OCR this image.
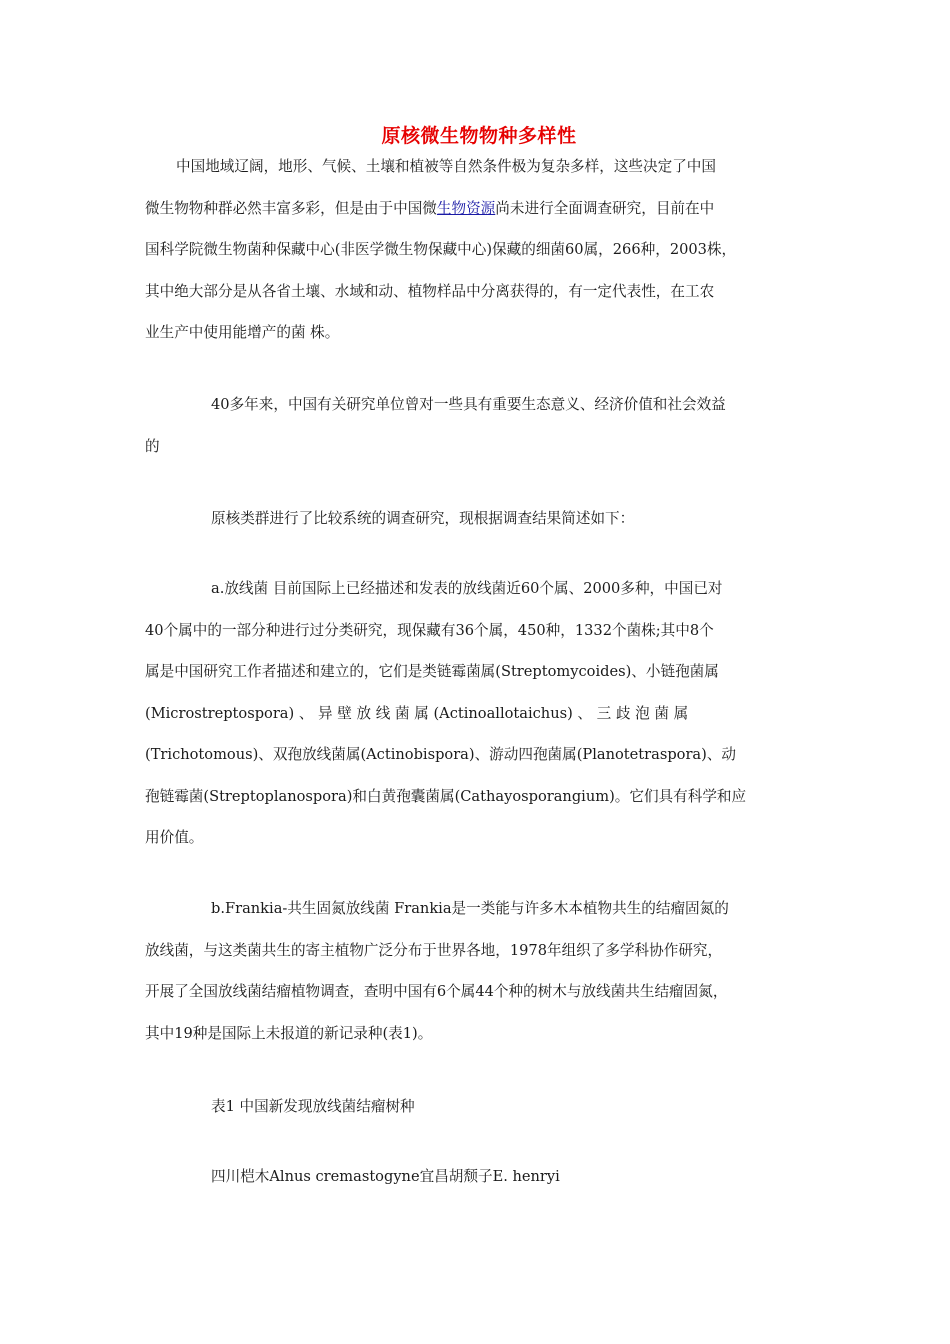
原核微生物物种多样性
中国地域辽阔，地形、气候、土壤和植被等自然条件极为复杂多样，这些决定了中国
微生物物种群必然丰富多彩，但是由于中国微生物资源尚未进行全面调查研究，目前在中
国科学院微生物菌种保藏中心(非医学微生物保藏中心)保藏的细菌60属，266种，2003株，
其中绝大部分是从各省土壤、水域和动、植物样品中分离获得的，有一定代表性，在工农
业生产中使用能增产的菌 株。
40多年来，中国有关研究单位曾对一些具有重要生态意义、经济价值和社会效益
的
原核类群进行了比较系统的调查研究，现根据调查结果简述如下：
a.放线菌 目前国际上已经描述和发表的放线菌近60个属、2000多种，中国已对
40个属中的一部分种进行过分类研究，现保藏有36个属，450种，1332个菌株;其中8个
属是中国研究工作者描述和建立的，它们是类链霉菌属(Streptomycoides)、小链孢菌属
(Microstreptospora) 、 异 壁 放 线 菌 属 (Actinoallotaichus) 、 三 歧 泡 菌 属
(Trichotomous)、双孢放线菌属(Actinobispora)、游动四孢菌属(Planotetraspora)、动
孢链霉菌(Streptoplanospora)和白黄孢囊菌属(Cathayosporangium)。它们具有科学和应
用价值。
b.Frankia-共生固氮放线菌 Frankia是一类能与许多木本植物共生的结瘤固氮的
放线菌，与这类菌共生的寄主植物广泛分布于世界各地，1978年组织了多学科协作研究，
开展了全国放线菌结瘤植物调查，查明中国有6个属44个种的树木与放线菌共生结瘤固氮，
其中19种是国际上未报道的新记录种(表1)。
表1 中国新发现放线菌结瘤树种
四川桤木Alnus cremastogyne宜昌胡颓子E. henryi
